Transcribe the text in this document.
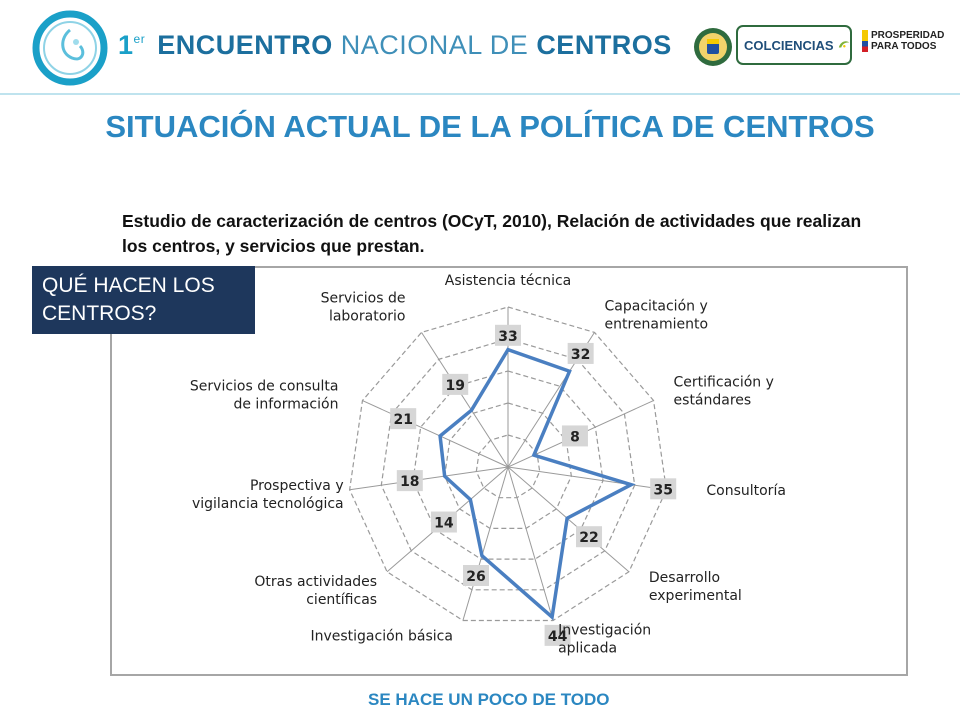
1er ENCUENTRO NACIONAL DE CENTROS	COLCIENCIAS
PROSPERIDAD
PARA TODOS
SITUACIÓN ACTUAL DE LA POLÍTICA DE CENTROS
Estudio de caracterización de centros (OCyT, 2010), Relación de actividades que realizan los centros, y servicios que prestan.
33
32
8
35
22
44
26
14
18
21
19
Asistencia técnica
Capacitación y entrenamiento
Certificación y estándares
Consultoría
Desarrollo experimental
Investigación aplicada
Investigación básica
Otras actividades científicas
Prospectiva y vigilancia tecnológica
Servicios de consulta de información
Servicios de laboratorio
QUÉ HACEN LOS CENTROS?
SE HACE UN POCO DE TODO
